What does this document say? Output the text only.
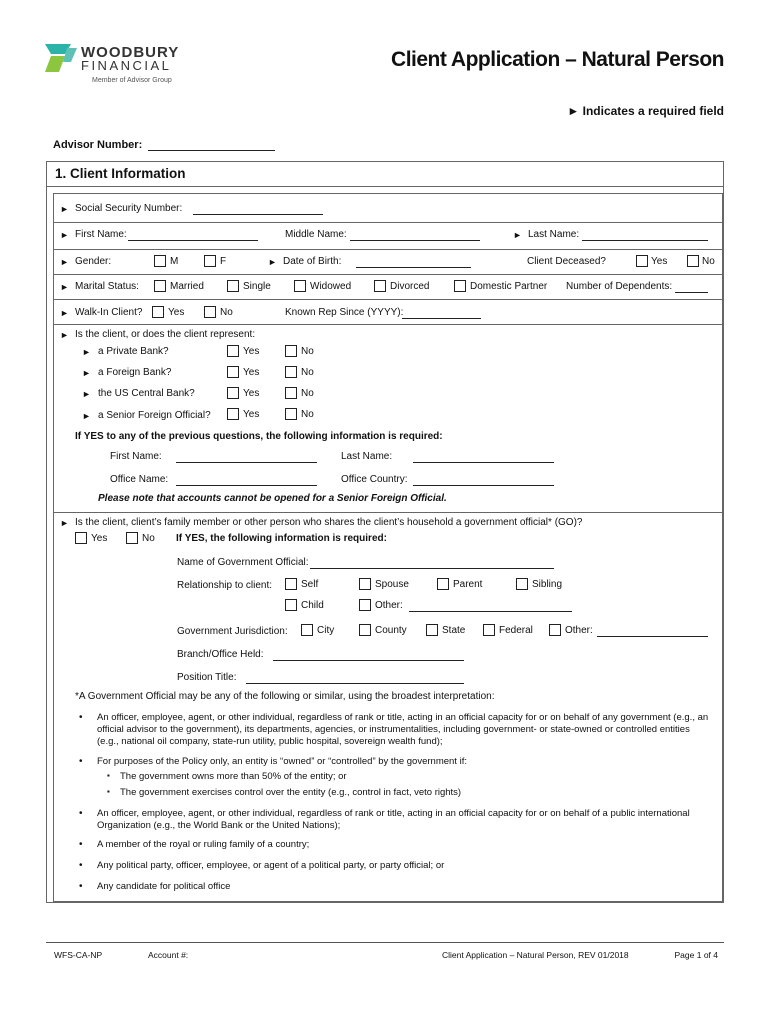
WOODBURY
FINANCIAL
Member of Advisor Group
Client Application – Natural Person
► Indicates a required field
Advisor Number:
1. Client Information
► Social Security Number:
► First Name:	Middle Name:	► Last Name:
► Gender:	M	F	► Date of Birth:	Client Deceased?	Yes	No
► Marital Status:	Married	Single	Widowed	Divorced	Domestic Partner Number of Dependents:
► Walk-In Client?	Yes	No	Known Rep Since (YYYY):
► Is the client, or does the client represent:
► a Private Bank?	Yes	No
► a Foreign Bank?	Yes	No
► the US Central Bank?	Yes	No
► a Senior Foreign Official?	Yes	No
If YES to any of the previous questions, the following information is required:
First Name:	Last Name:
Office Name:	Office Country:
Please note that accounts cannot be opened for a Senior Foreign Official.
► Is the client, client’s family member or other person who shares the client’s household a government official* (GO)?
Yes	No If YES, the following information is required:
Name of Government Official:
Relationship to client:	Self	Spouse	Parent	Sibling
Child	Other:
Government Jurisdiction:	City	County	State	Federal	Other:
Branch/Office Held:
Position Title:
*A Government Official may be any of the following or similar, using the broadest interpretation:
• An officer, employee, agent, or other individual, regardless of rank or title, acting in an official capacity for or on behalf of any government (e.g., an official advisor to the government), its departments, agencies, or instrumentalities, including government- or state-owned or controlled entities (e.g., national oil company, state-run utility, public hospital, sovereign wealth fund);
• For purposes of the Policy only, an entity is “owned” or “controlled” by the government if:
▪ The government owns more than 50% of the entity; or
▪ The government exercises control over the entity (e.g., control in fact, veto rights)
• An officer, employee, agent, or other individual, regardless of rank or title, acting in an official capacity for or on behalf of a public international Organization (e.g., the World Bank or the United Nations);
• A member of the royal or ruling family of a country;
• Any political party, officer, employee, or agent of a political party, or party official; or
• Any candidate for political office
WFS-CA-NP	Account #:	Client Application – Natural Person, REV 01/2018	Page 1 of 4
